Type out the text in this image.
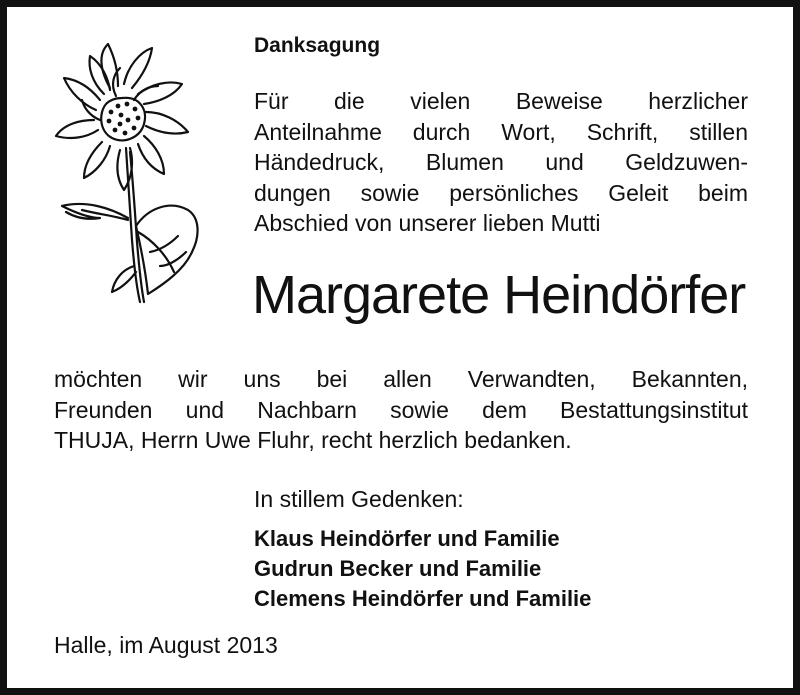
Danksagung
Für die vielen Beweise herzlicher
Anteilnahme durch Wort, Schrift, stillen
Händedruck, Blumen und Geldzuwen-
dungen sowie persönliches Geleit beim
Abschied von unserer lieben Mutti
Margarete Heindörfer
möchten wir uns bei allen Verwandten, Bekannten,
Freunden und Nachbarn sowie dem Bestattungsinstitut
THUJA, Herrn Uwe Fluhr, recht herzlich bedanken.
In stillem Gedenken:
Klaus Heindörfer und Familie
Gudrun Becker und Familie
Clemens Heindörfer und Familie
Halle, im August 2013
